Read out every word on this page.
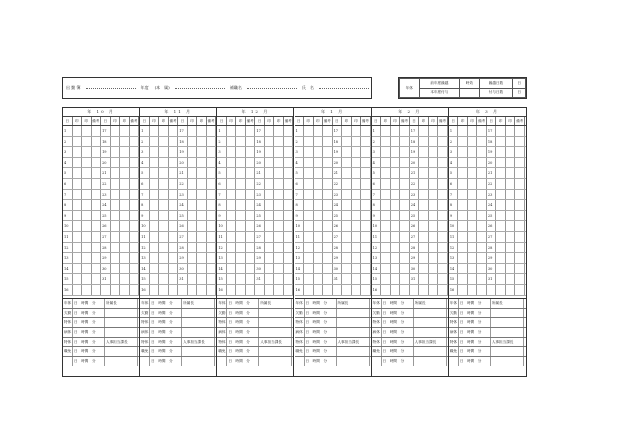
出 勤 簿	年度	(本　属)	補職名	氏　名	年休	前年度繰越	時効	繰越日数	日
	本年度付与		付与日数	日
年 10 月
日	印	印	備考	日	印	印	備考
1	17
2	18
3	19
4	20
5	21
6	22
7	23
8	24
9	25
10	26
11	27
12	28
13	29
14	30
15	31
16
年休 日　時間　分	所属長
欠勤 日　時間　分
特休 日　時間　分
病休 日　時間　分
特休 日　時間　分	人事担当課長
職免 日　時間　分
日　時間　分
年 11 月
日	印	印	備考	日	印	印	備考
1	17
2	18
3	19
4	20
5	21
6	22
7	23
8	24
9	25
10	26
11	27
12	28
13	29
14	30
15	31
16
年休 日　時間　分	所属長
欠勤 日　時間　分
特休 日　時間　分
病休 日　時間　分
特休 日　時間　分	人事担当課長
職免 日　時間　分
日　時間　分
年 12 月
日	印	印	備考	日	印	印	備考
1	17
2	18
3	19
4	20
5	21
6	22
7	23
8	24
9	25
10	26
11	27
12	28
13	29
14	30
15	31
16
年休 日　時間　分	所属長
欠勤 日　時間　分
特休 日　時間　分
病休 日　時間　分
特休 日　時間　分	人事担当課長
職免 日　時間　分
日　時間　分
年 1 月
日	印	印	備考	日	印	印	備考
1	17
2	18
3	19
4	20
5	21
6	22
7	23
8	24
9	25
10	26
11	27
12	28
13	29
14	30
15	31
16
年休 日　時間　分	所属長
欠勤 日　時間　分
特休 日　時間　分
病休 日　時間　分
特休 日　時間　分	人事担当課長
職免 日　時間　分
日　時間　分
年 2 月
日	印	印	備考	日	印	印	備考
1	17
2	18
3	19
4	20
5	21
6	22
7	23
8	24
9	25
10	26
11	27
12	28
13	29
14	30
15	31
16
年休 日　時間　分	所属長
欠勤 日　時間　分
特休 日　時間　分
病休 日　時間　分
特休 日　時間　分	人事担当課長
職免 日　時間　分
日　時間　分
年 3 月
日	印	印	備考	日	印	印	備考
1	17
2	18
3	19
4	20
5	21
6	22
7	23
8	24
9	25
10	26
11	27
12	28
13	29
14	30
15	31
16
年休 日　時間　分	所属長
欠勤 日　時間　分
特休 日　時間　分
病休 日　時間　分
特休 日　時間　分	人事担当課長
職免 日　時間　分
日　時間　分
